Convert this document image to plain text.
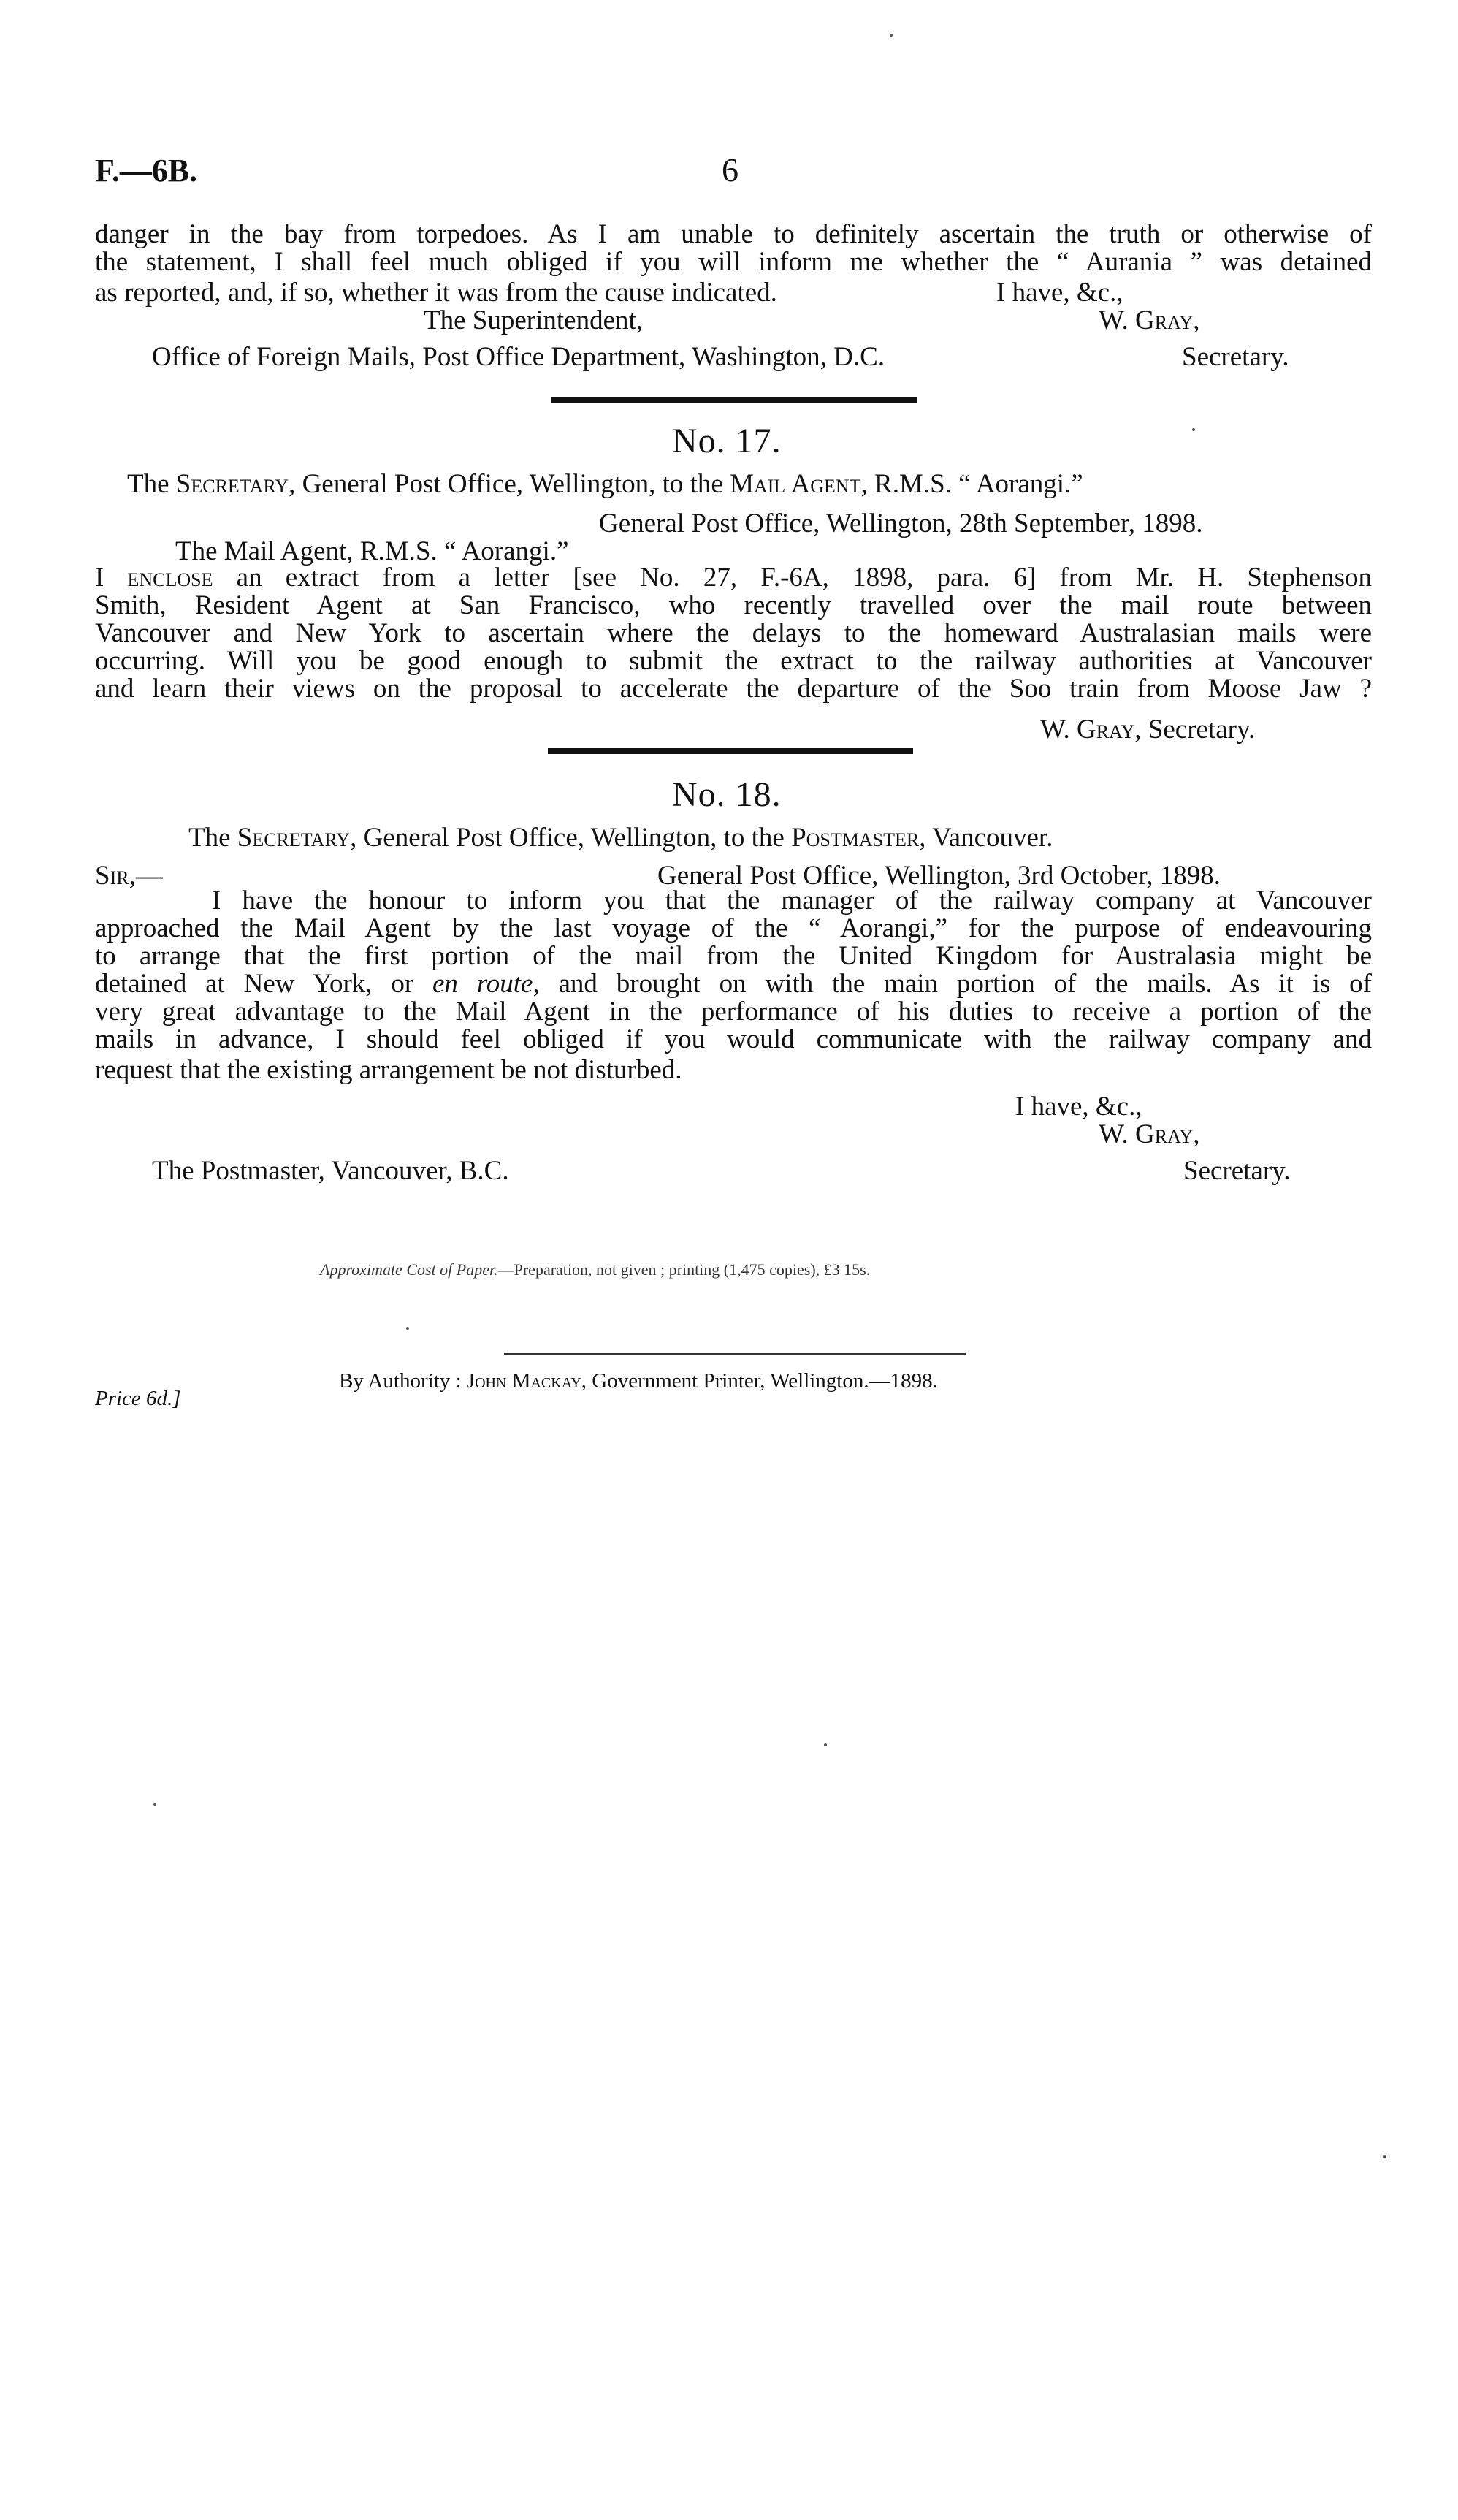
F.—6B.	6
danger in the bay from torpedoes. As I am unable to definitely ascertain the truth or otherwise of
the statement, I shall feel much obliged if you will inform me whether the “ Aurania ” was detained
as reported, and, if so, whether it was from the cause indicated.	I have, &c.,
The Superintendent,	W. Gray,
Office of Foreign Mails, Post Office Department, Washington, D.C.	Secretary.
No. 17.
The Secretary, General Post Office, Wellington, to the Mail Agent, R.M.S. “ Aorangi.”
General Post Office, Wellington, 28th September, 1898.
The Mail Agent, R.M.S. “ Aorangi.”
I enclose an extract from a letter [see No. 27, F.-6A, 1898, para. 6] from Mr. H. Stephenson
Smith, Resident Agent at San Francisco, who recently travelled over the mail route between
Vancouver and New York to ascertain where the delays to the homeward Australasian mails were
occurring. Will you be good enough to submit the extract to the railway authorities at Vancouver
and learn their views on the proposal to accelerate the departure of the Soo train from Moose Jaw ?
W. Gray, Secretary.
No. 18.
The Secretary, General Post Office, Wellington, to the Postmaster, Vancouver.
Sir,—	General Post Office, Wellington, 3rd October, 1898.
I have the honour to inform you that the manager of the railway company at Vancouver
approached the Mail Agent by the last voyage of the “ Aorangi,” for the purpose of endeavouring
to arrange that the first portion of the mail from the United Kingdom for Australasia might be
detained at New York, or en route, and brought on with the main portion of the mails. As it is of
very great advantage to the Mail Agent in the performance of his duties to receive a portion of the
mails in advance, I should feel obliged if you would communicate with the railway company and
request that the existing arrangement be not disturbed.
I have, &c.,
W. Gray,
The Postmaster, Vancouver, B.C.	Secretary.
Approximate Cost of Paper.—Preparation, not given ; printing (1,475 copies), £3 15s.
By Authority : John Mackay, Government Printer, Wellington.—1898.
Price 6d.]
